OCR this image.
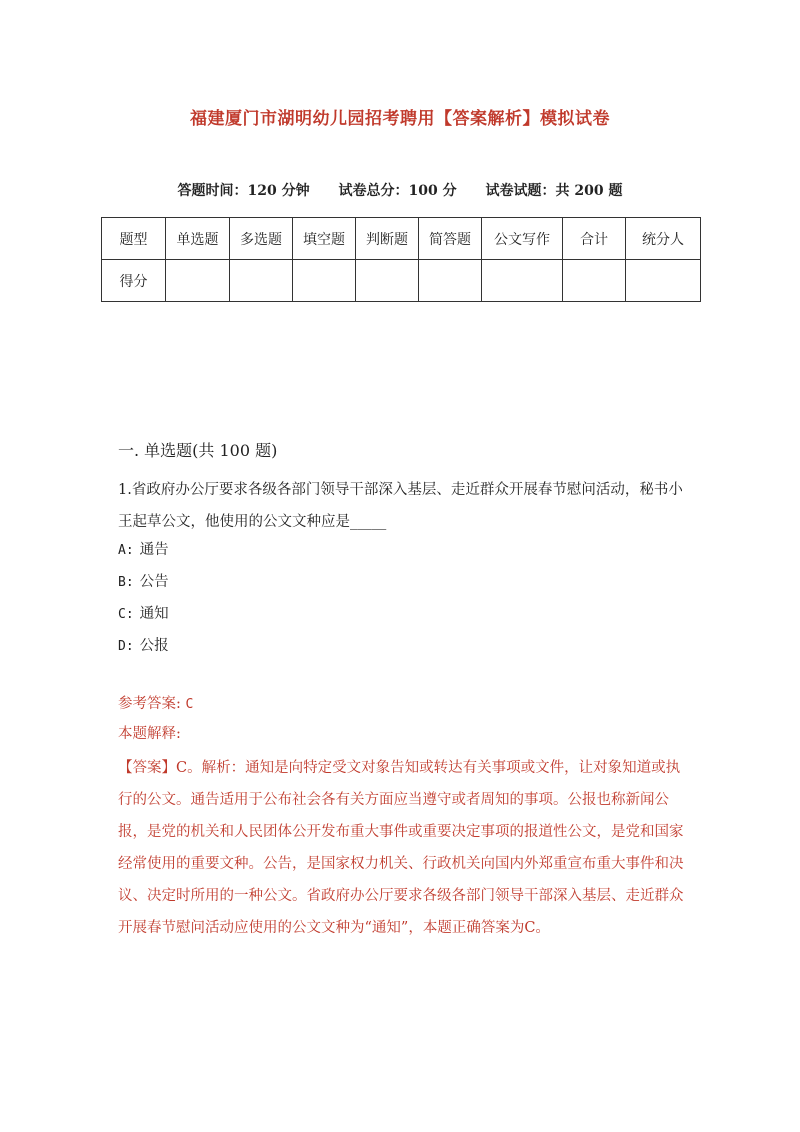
福建厦门市湖明幼儿园招考聘用【答案解析】模拟试卷
答题时间：120 分钟 试卷总分：100 分 试卷试题：共 200 题
题型	单选题	多选题	填空题	判断题	简答题	公文写作	合计	统分人
得分								
一. 单选题(共 100 题)
1.省政府办公厅要求各级各部门领导干部深入基层、走近群众开展春节慰问活动，秘书小王起草公文，他使用的公文文种应是_____
A: 通告
B: 公告
C: 通知
D: 公报
参考答案: C
本题解释:
【答案】C。解析：通知是向特定受文对象告知或转达有关事项或文件，让对象知道或执行的公文。通告适用于公布社会各有关方面应当遵守或者周知的事项。公报也称新闻公报，是党的机关和人民团体公开发布重大事件或重要决定事项的报道性公文，是党和国家经常使用的重要文种。公告，是国家权力机关、行政机关向国内外郑重宣布重大事件和决议、决定时所用的一种公文。省政府办公厅要求各级各部门领导干部深入基层、走近群众开展春节慰问活动应使用的公文文种为“通知”，本题正确答案为C。
